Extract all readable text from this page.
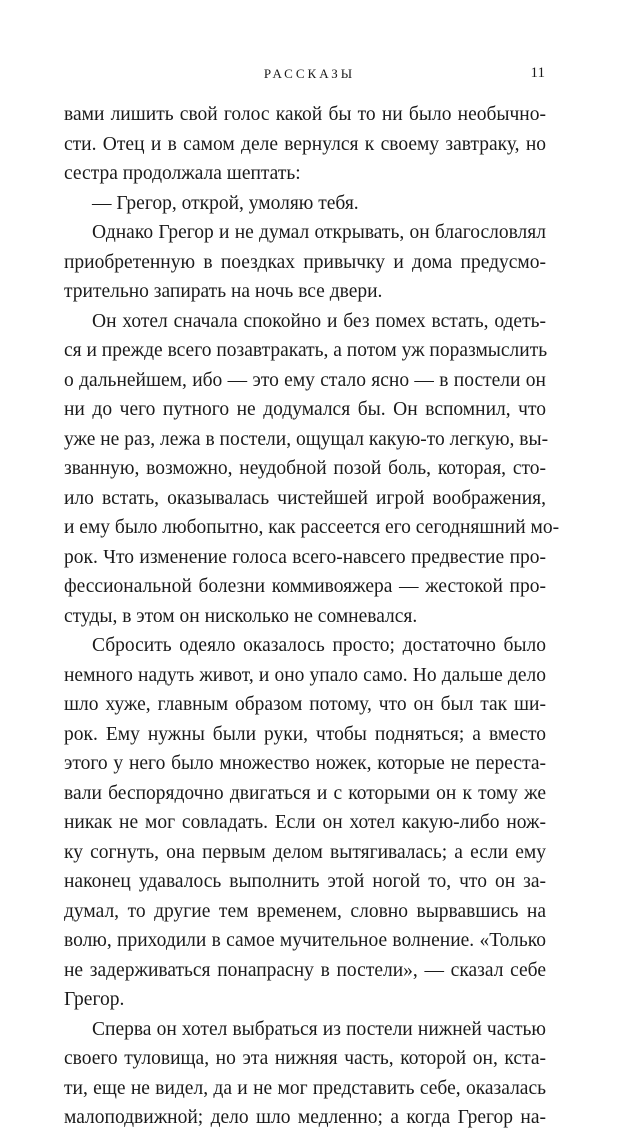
РАССКАЗЫ	11
вами лишить свой голос какой бы то ни было необычно-
сти. Отец и в самом деле вернулся к своему завтраку, но
сестра продолжала шептать:
— Грегор, открой, умоляю тебя.
Однако Грегор и не думал открывать, он благословлял
приобретенную в поездках привычку и дома предусмо-
трительно запирать на ночь все двери.
Он хотел сначала спокойно и без помех встать, одеть-
ся и прежде всего позавтракать, а потом уж поразмыслить
о дальнейшем, ибо — это ему стало ясно — в постели он
ни до чего путного не додумался бы. Он вспомнил, что
уже не раз, лежа в постели, ощущал какую-то легкую, вы-
званную, возможно, неудобной позой боль, которая, сто-
ило встать, оказывалась чистейшей игрой воображения,
и ему было любопытно, как рассеется его сегодняшний мо-
рок. Что изменение голоса всего-навсего предвестие про-
фессиональной болезни коммивояжера — жестокой про-
студы, в этом он нисколько не сомневался.
Сбросить одеяло оказалось просто; достаточно было
немного надуть живот, и оно упало само. Но дальше дело
шло хуже, главным образом потому, что он был так ши-
рок. Ему нужны были руки, чтобы подняться; а вместо
этого у него было множество ножек, которые не переста-
вали беспорядочно двигаться и с которыми он к тому же
никак не мог совладать. Если он хотел какую-либо нож-
ку согнуть, она первым делом вытягивалась; а если ему
наконец удавалось выполнить этой ногой то, что он за-
думал, то другие тем временем, словно вырвавшись на
волю, приходили в самое мучительное волнение. «Только
не задерживаться понапрасну в постели», — сказал себе
Грегор.
Сперва он хотел выбраться из постели нижней частью
своего туловища, но эта нижняя часть, которой он, кста-
ти, еще не видел, да и не мог представить себе, оказалась
малоподвижной; дело шло медленно; а когда Грегор на-
